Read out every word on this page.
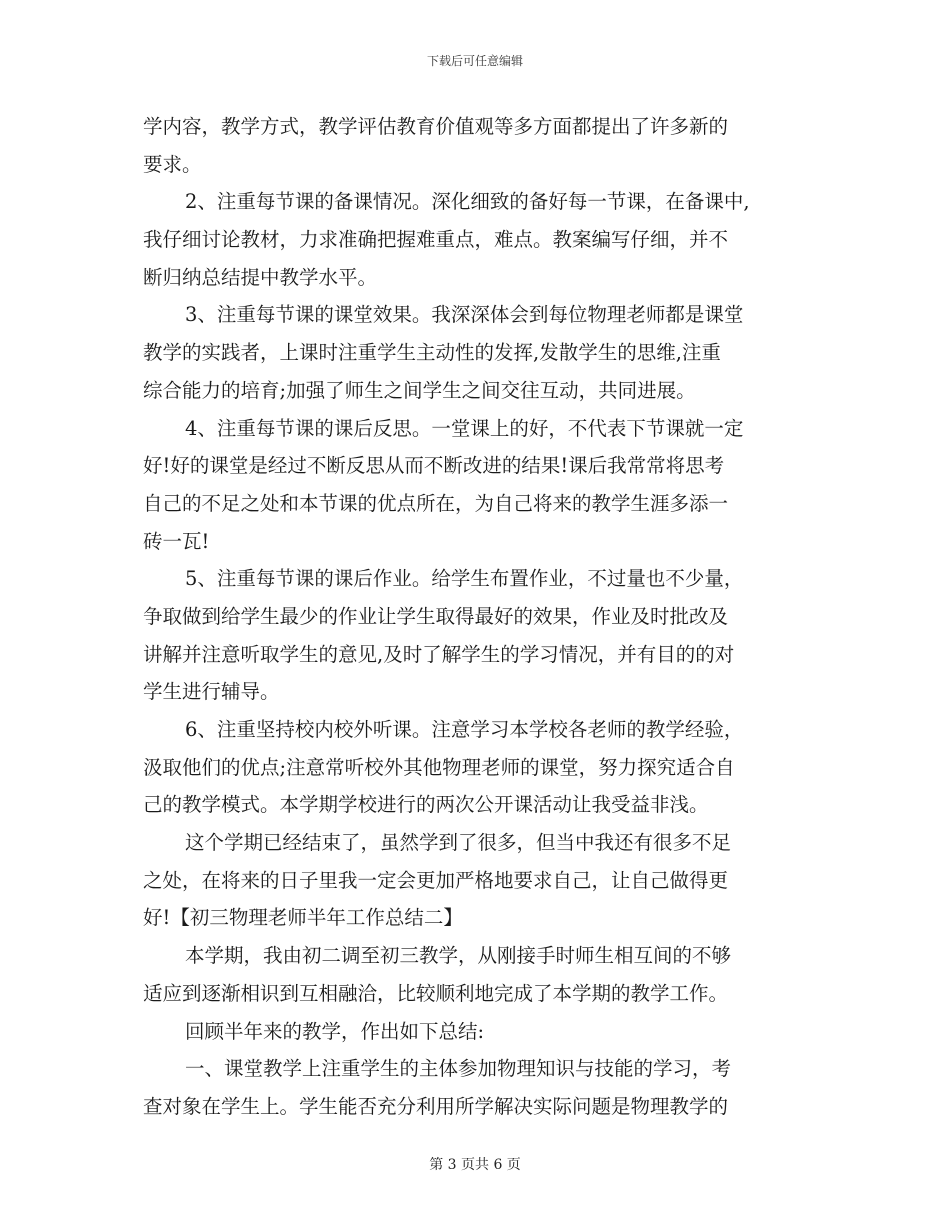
下载后可任意编辑
学内容，教学方式，教学评估教育价值观等多方面都提出了许多新的
要求。
2、注重每节课的备课情况。深化细致的备好每一节课，在备课中,
我仔细讨论教材，力求准确把握难重点，难点。教案编写仔细，并不
断归纳总结提中教学水平。
3、注重每节课的课堂效果。我深深体会到每位物理老师都是课堂
教学的实践者，上课时注重学生主动性的发挥,发散学生的思维,注重
综合能力的培育;加强了师生之间学生之间交往互动，共同进展。
4、注重每节课的课后反思。一堂课上的好，不代表下节课就一定
好!好的课堂是经过不断反思从而不断改进的结果!课后我常常将思考
自己的不足之处和本节课的优点所在，为自己将来的教学生涯多添一
砖一瓦!
5、注重每节课的课后作业。给学生布置作业，不过量也不少量，
争取做到给学生最少的作业让学生取得最好的效果，作业及时批改及
讲解并注意听取学生的意见,及时了解学生的学习情况，并有目的的对
学生进行辅导。
6、注重坚持校内校外听课。注意学习本学校各老师的教学经验，
汲取他们的优点;注意常听校外其他物理老师的课堂，努力探究适合自
己的教学模式。本学期学校进行的两次公开课活动让我受益非浅。
这个学期已经结束了，虽然学到了很多，但当中我还有很多不足
之处，在将来的日子里我一定会更加严格地要求自己，让自己做得更
好!【初三物理老师半年工作总结二】
本学期，我由初二调至初三教学，从刚接手时师生相互间的不够
适应到逐渐相识到互相融洽，比较顺利地完成了本学期的教学工作。
回顾半年来的教学，作出如下总结:
一、课堂教学上注重学生的主体参加物理知识与技能的学习，考
查对象在学生上。学生能否充分利用所学解决实际问题是物理教学的
第 3 页共 6 页
